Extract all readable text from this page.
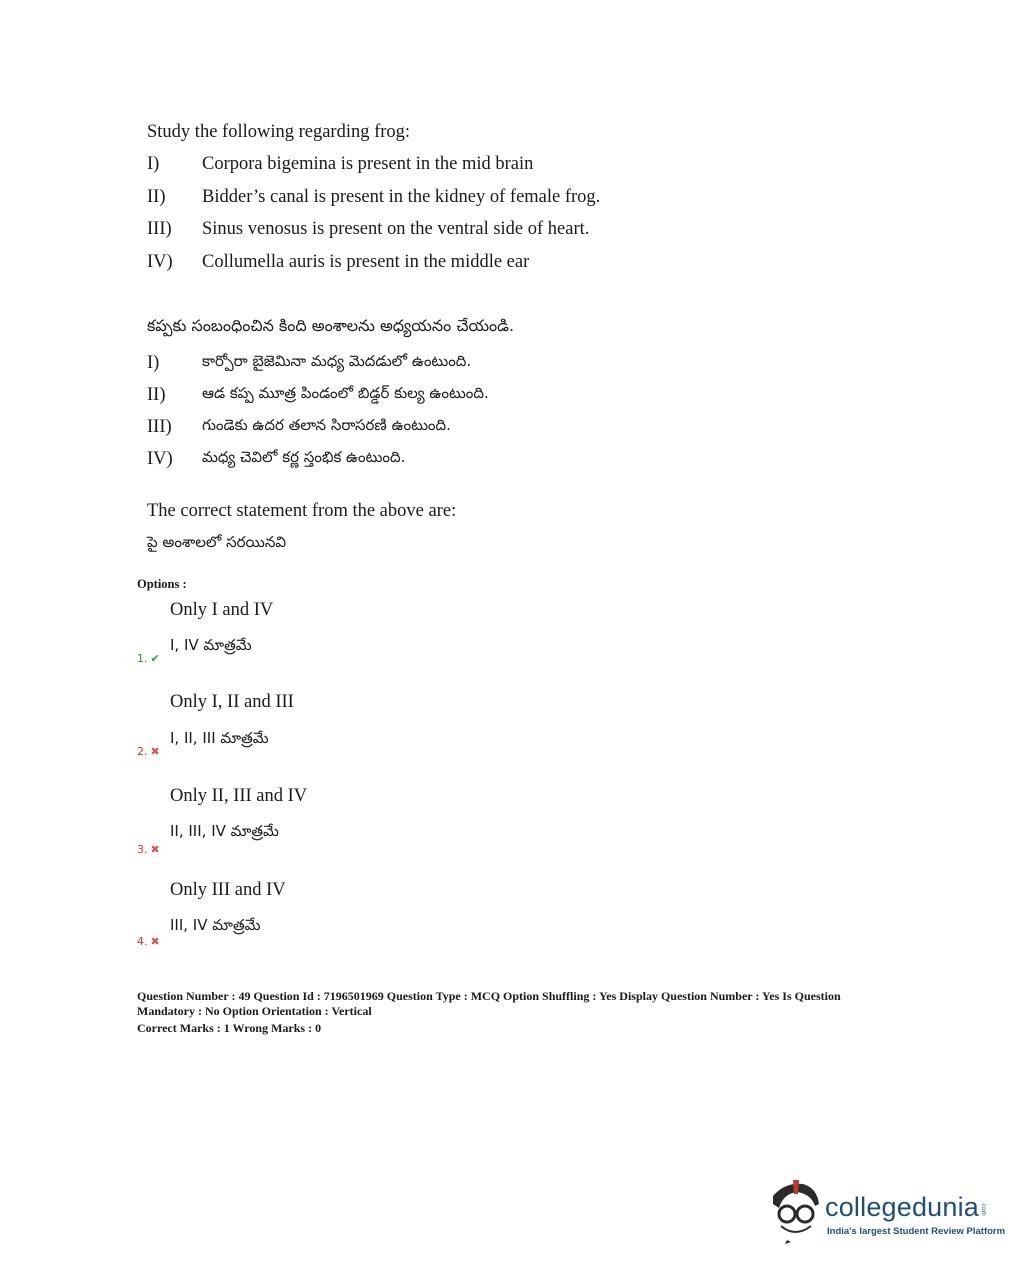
Study the following regarding frog:
I)	Corpora bigemina is present in the mid brain
II)	Bidder’s canal is present in the kidney of female frog.
III)	Sinus venosus is present on the ventral side of heart.
IV)	Collumella auris is present in the middle ear
కప్పకు సంబంధించిన కింది అంశాలను అధ్యయనం చేయండి.
I)	కార్పోరా బైజెమినా మధ్య మెదడులో ఉంటుంది.
II)	ఆడ కప్ప మూత్ర పిండంలో బిడ్డర్ కుల్య ఉంటుంది.
III)	గుండెకు ఉదర తలాన సిరాసరణి ఉంటుంది.
IV)	మధ్య చెవిలో కర్ణ స్తంభిక ఉంటుంది.
The correct statement from the above are:
పై అంశాలలో సరయినవి
Options :
Only I and IV
I, IV మాత్రమే
1. ✔
Only I, II and III
I, II, III మాత్రమే
2. ✖
Only II, III and IV
II, III, IV మాత్రమే
3. ✖
Only III and IV
III, IV మాత్రమే
4. ✖
Question Number : 49 Question Id : 7196501969 Question Type : MCQ Option Shuffling : Yes Display Question Number : Yes Is Question
Mandatory : No Option Orientation : Vertical
Correct Marks : 1 Wrong Marks : 0
collegedunia.com
India's largest Student Review Platform
